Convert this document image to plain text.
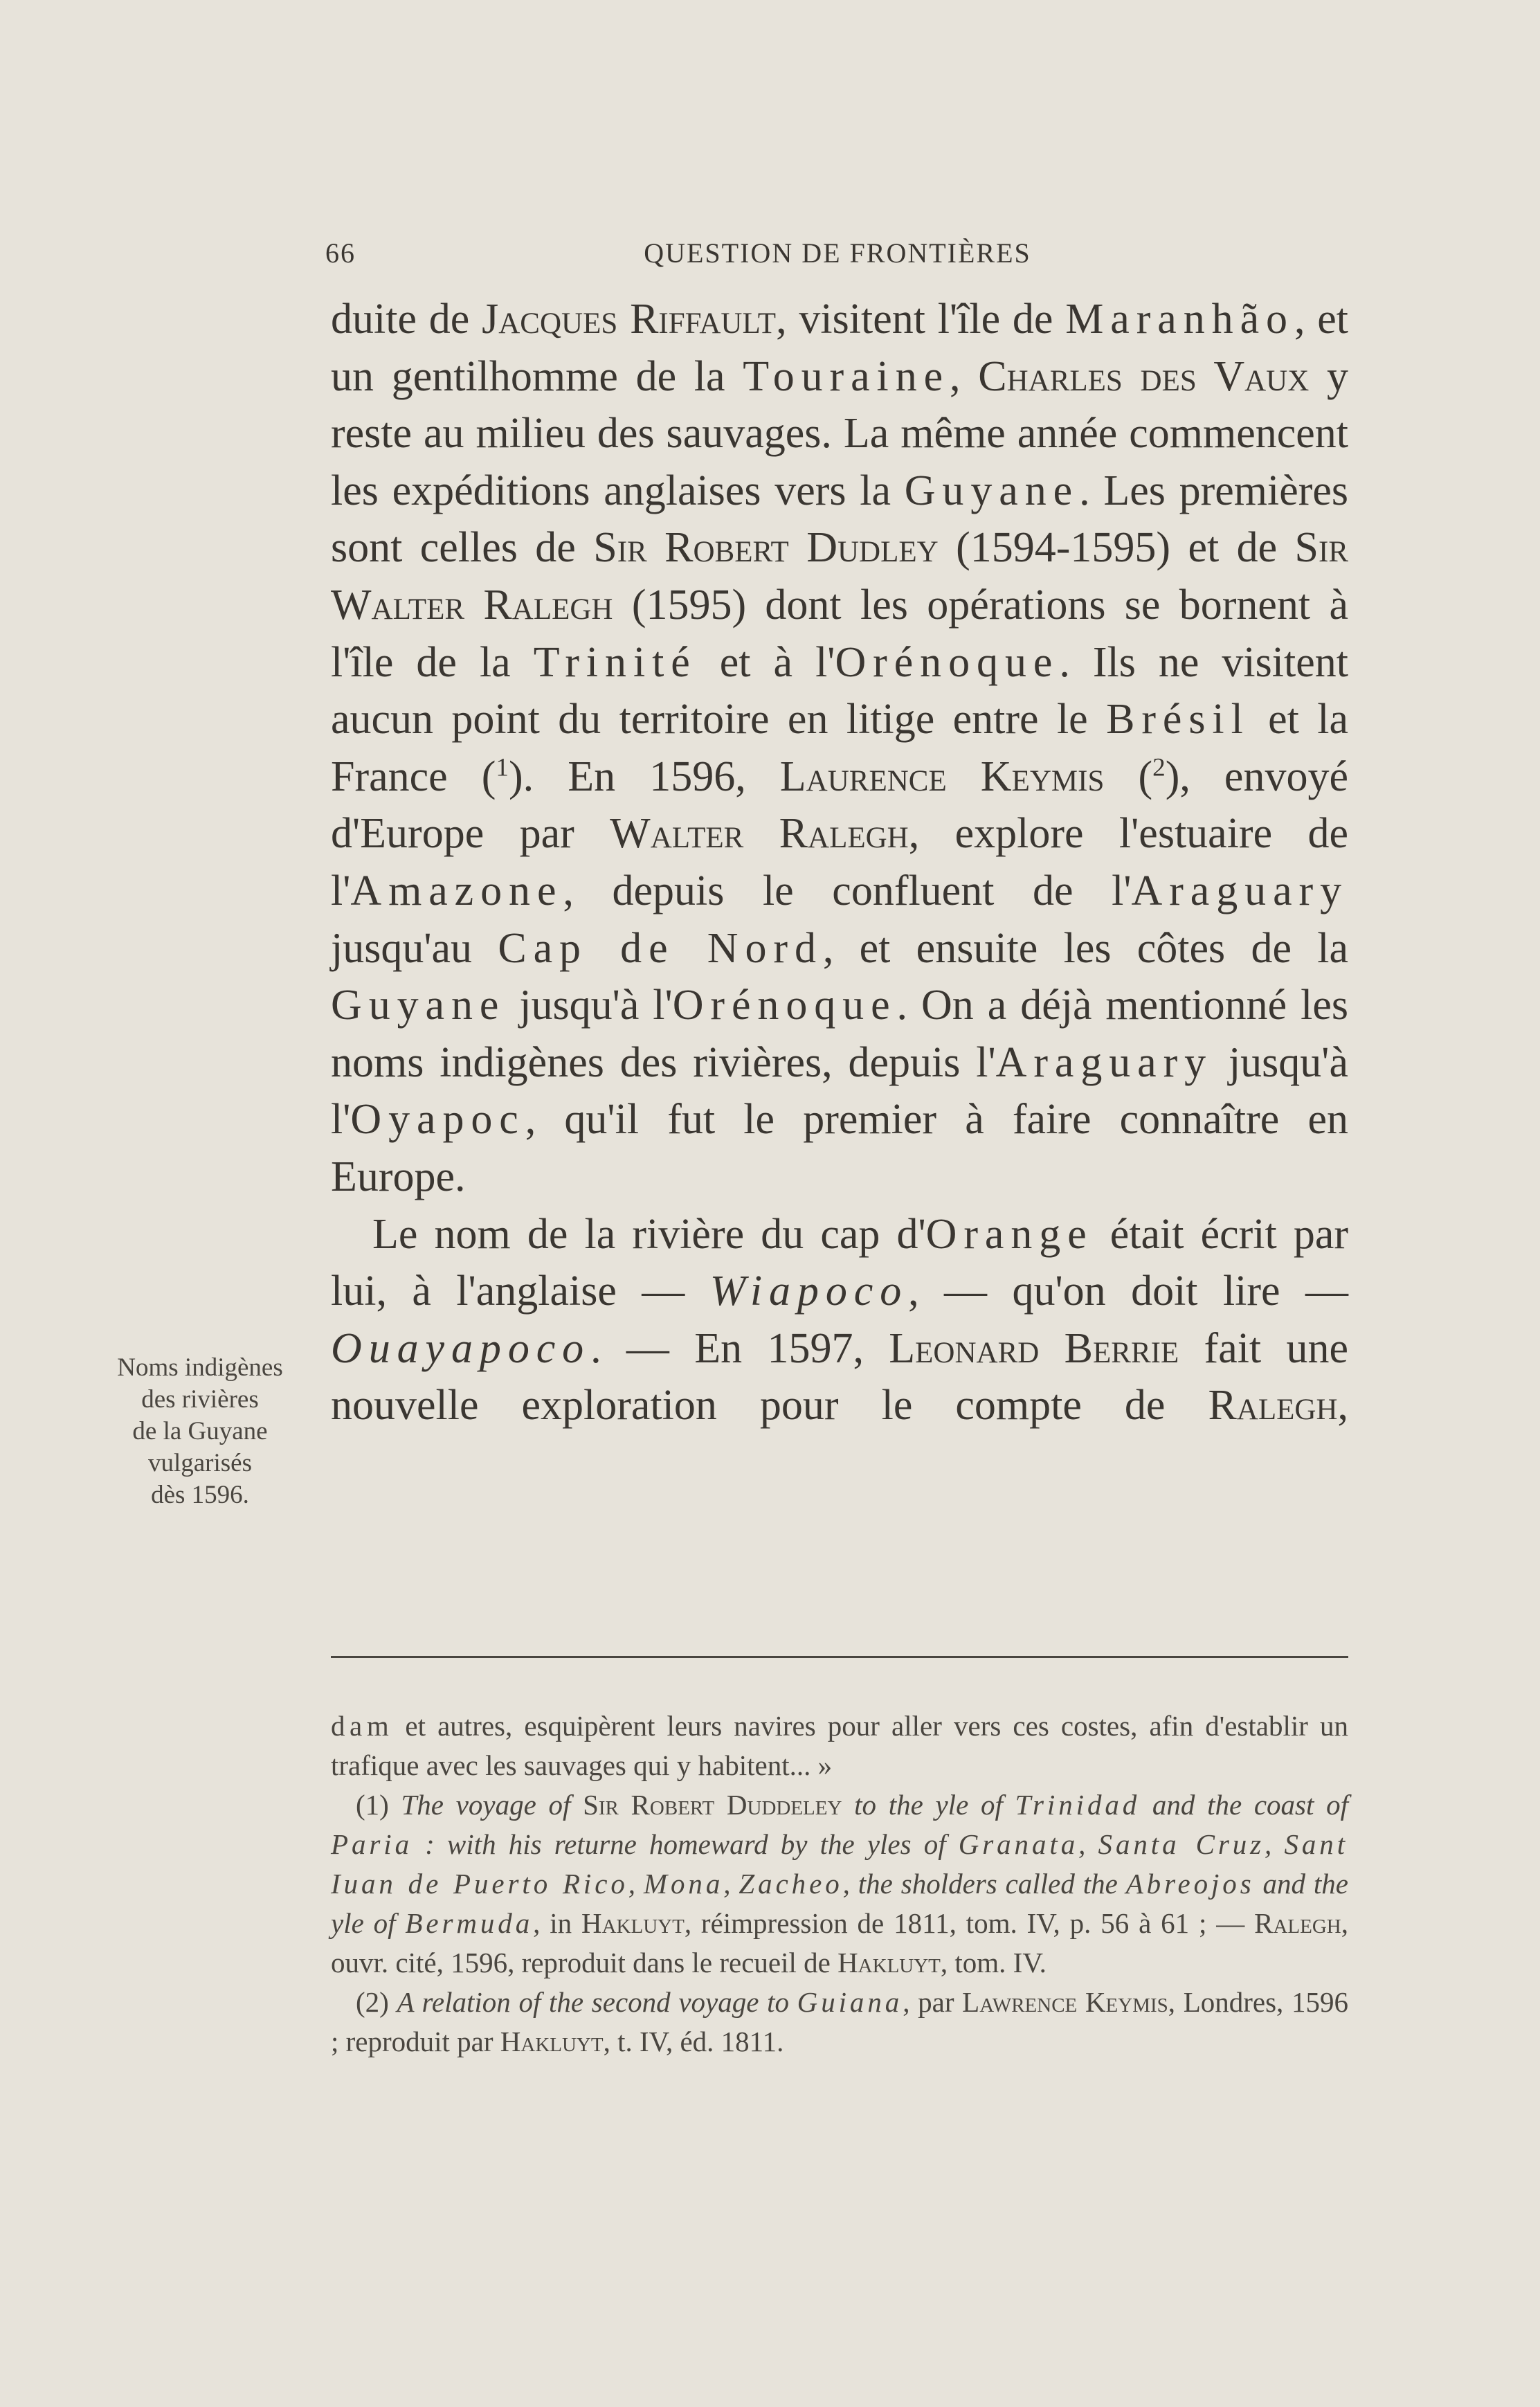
66	QUESTION DE FRONTIÈRES

duite de Jacques Riffault, visitent l'île de Maranhão, et un gentilhomme de la Touraine, Charles des Vaux y reste au milieu des sauvages. La même année commencent les expéditions anglaises vers la Guyane. Les premières sont celles de Sir Robert Dudley (1594-1595) et de Sir Walter Ralegh (1595) dont les opérations se bornent à l'île de la Trinité et à l'Orénoque. Ils ne visitent aucun point du territoire en litige entre le Brésil et la France ($^1$). En 1596, Laurence Keymis ($^2$), envoyé d'Europe par Walter Ralegh, explore l'estuaire de l'Amazone, depuis le confluent de l'Araguary jusqu'au Cap de Nord, et ensuite les côtes de la Guyane jusqu'à l'Orénoque. On a déjà mentionné les noms indigènes des rivières, depuis l'Araguary jusqu'à l'Oyapoc, qu'il fut le premier à faire connaître en Europe.

Le nom de la rivière du cap d'Orange était écrit par lui, à l'anglaise — Wiapoco, — qu'on doit lire — Ouayapoco. — En 1597, Leonard Berrie fait une nouvelle exploration pour le compte de Ralegh,

Noms indigènes
des rivières
de la Guyane
vulgarisés
dès 1596.

dam et autres, esquipèrent leurs navires pour aller vers ces costes, afin d'establir un trafique avec les sauvages qui y habitent... »

(1) The voyage of Sir Robert Duddeley to the yle of Trinidad and the coast of Paria : with his returne homeward by the yles of Granata, Santa Cruz, Sant Iuan de Puerto Rico, Mona, Zacheo, the sholders called the Abreojos and the yle of Bermuda, in Hakluyt, réimpression de 1811, tom. IV, p. 56 à 61 ; — Ralegh, ouvr. cité, 1596, reproduit dans le recueil de Hakluyt, tom. IV.

(2) A relation of the second voyage to Guiana, par Lawrence Keymis, Londres, 1596 ; reproduit par Hakluyt, t. IV, éd. 1811.
